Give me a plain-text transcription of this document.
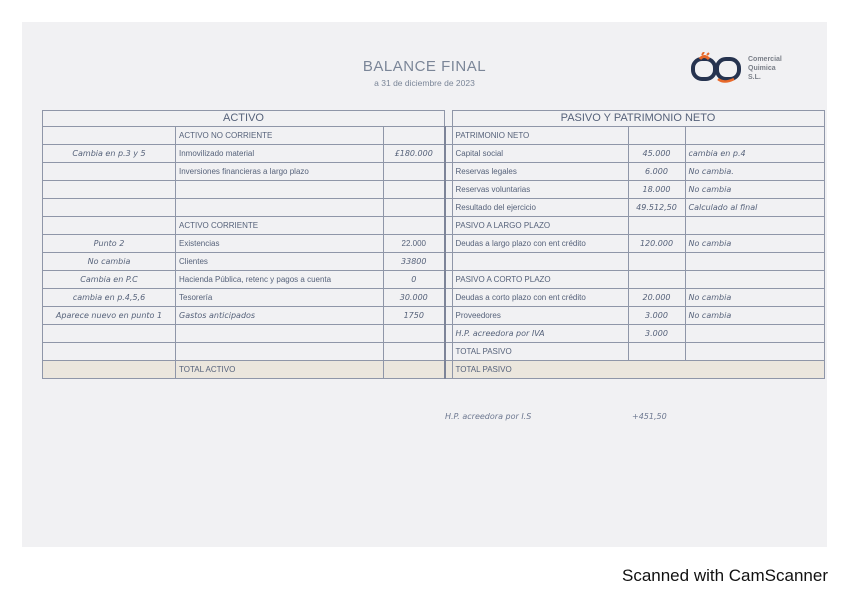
BALANCE FINAL
a 31 de diciembre de 2023
Comercial
Quimica
S.L.
ACTIVO				PASIVO Y PATRIMONIO NETO		
	ACTIVO NO CORRIENTE			PATRIMONIO NETO		
Cambia en p.3 y 5	Inmovilizado material	£180.000		Capital social	45.000	cambia en p.4
	Inversiones financieras a largo plazo			Reservas legales	6.000	No cambia.
				Reservas voluntarias	18.000	No cambia
				Resultado del ejercicio	49.512,50	Calculado al final
	ACTIVO CORRIENTE			PASIVO A LARGO PLAZO		
Punto 2	Existencias	22.000		Deudas a largo plazo con ent crédito	120.000	No cambia
No cambia	Clientes	33800				
Cambia en P.C	Hacienda Pública, retenc y pagos a cuenta	0		PASIVO A CORTO PLAZO		
cambia en p.4,5,6	Tesorería	30.000		Deudas a corto plazo con ent crédito	20.000	No cambia
Aparece nuevo en punto 1	Gastos anticipados	1750		Proveedores	3.000	No cambia
				H.P. acreedora por IVA	3.000	
				TOTAL PASIVO		
	TOTAL ACTIVO			TOTAL PASIVO		
H.P. acreedora por I.S	+451,50
Scanned with CamScanner
